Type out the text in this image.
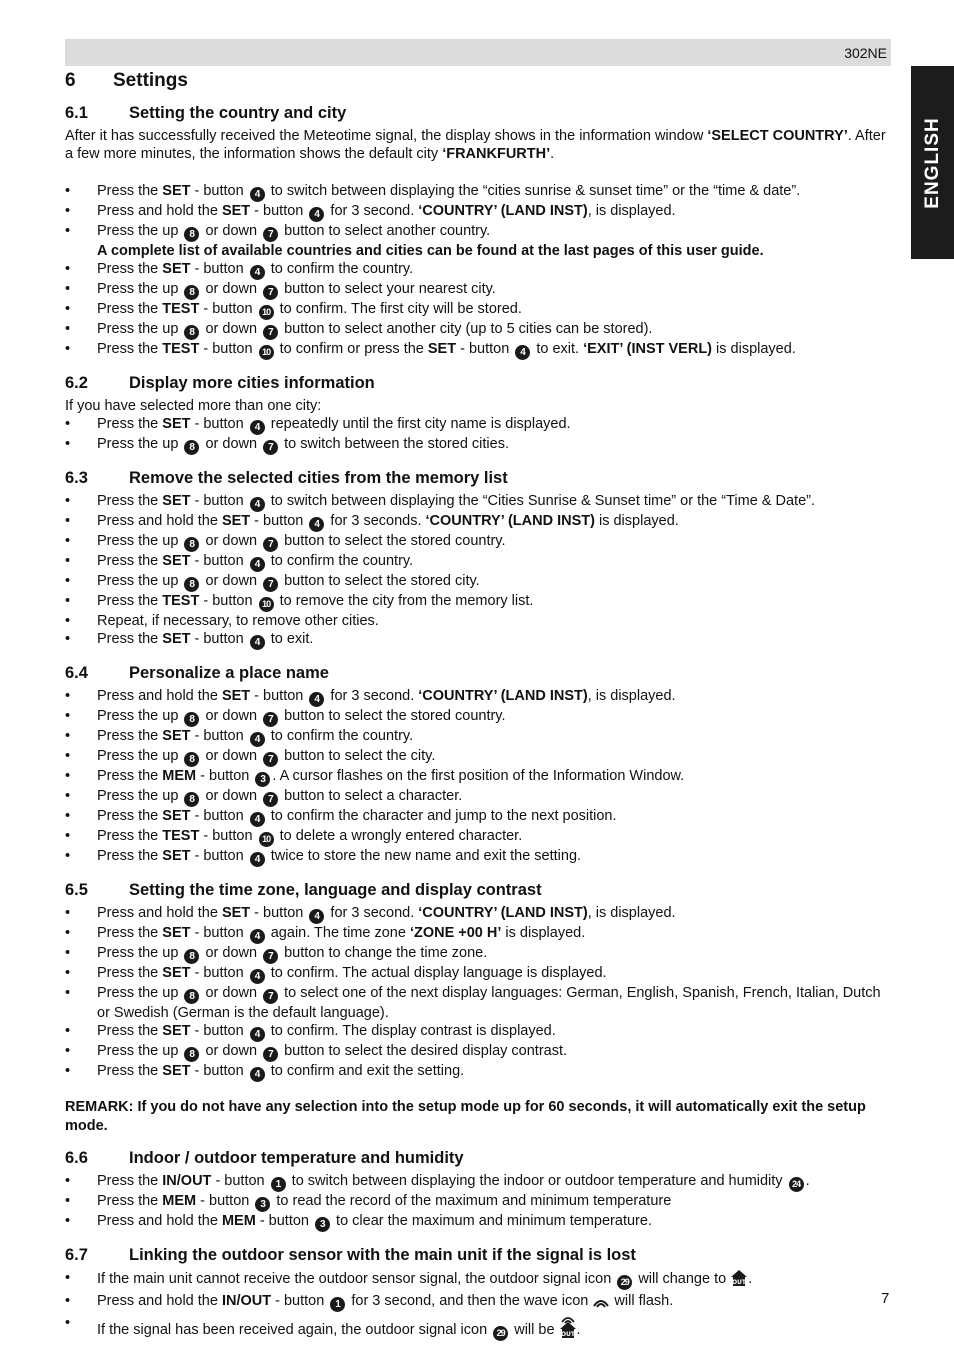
302NE
ENGLISH
6 Settings
6.1 Setting the country and city

After it has successfully received the Meteotime signal, the display shows in the information window ‘SELECT COUNTRY’. After a few more minutes, the information shows the default city ‘FRANKFURTH’.

• Press the SET - button 4 to switch between displaying the “cities sunrise & sunset time” or the “time & date”.
• Press and hold the SET - button 4 for 3 second. ‘COUNTRY’ (LAND INST), is displayed.
• Press the up 8 or down 7 button to select another country.
A complete list of available countries and cities can be found at the last pages of this user guide.
• Press the SET - button 4 to confirm the country.
• Press the up 8 or down 7 button to select your nearest city.
• Press the TEST - button 10 to confirm. The first city will be stored.
• Press the up 8 or down 7 button to select another city (up to 5 cities can be stored).
• Press the TEST - button 10 to confirm or press the SET - button 4 to exit. ‘EXIT’ (INST VERL) is displayed.
6.2 Display more cities information

If you have selected more than one city:

• Press the SET - button 4 repeatedly until the first city name is displayed.
• Press the up 8 or down 7 to switch between the stored cities.
6.3 Remove the selected cities from the memory list
• Press the SET - button 4 to switch between displaying the “Cities Sunrise & Sunset time” or the “Time & Date”.
• Press and hold the SET - button 4 for 3 seconds. ‘COUNTRY’ (LAND INST) is displayed.
• Press the up 8 or down 7 button to select the stored country.
• Press the SET - button 4 to confirm the country.
• Press the up 8 or down 7 button to select the stored city.
• Press the TEST - button 10 to remove the city from the memory list.
• Repeat, if necessary, to remove other cities.
• Press the SET - button 4 to exit.
6.4 Personalize a place name
• Press and hold the SET - button 4 for 3 second. ‘COUNTRY’ (LAND INST), is displayed.
• Press the up 8 or down 7 button to select the stored country.
• Press the SET - button 4 to confirm the country.
• Press the up 8 or down 7 button to select the city.
• Press the MEM - button 3 . A cursor flashes on the first position of the Information Window.
• Press the up 8 or down 7 button to select a character.
• Press the SET - button 4 to confirm the character and jump to the next position.
• Press the TEST - button 10 to delete a wrongly entered character.
• Press the SET - button 4 twice to store the new name and exit the setting.
6.5 Setting the time zone, language and display contrast
• Press and hold the SET - button 4 for 3 second. ‘COUNTRY’ (LAND INST), is displayed.
• Press the SET - button 4 again. The time zone ‘ZONE +00 H’ is displayed.
• Press the up 8 or down 7 button to change the time zone.
• Press the SET - button 4 to confirm. The actual display language is displayed.
• Press the up 8 or down 7 to select one of the next display languages: German, English, Spanish, French, Italian, Dutch or Swedish (German is the default language).
• Press the SET - button 4 to confirm. The display contrast is displayed.
• Press the up 8 or down 7 button to select the desired display contrast.
• Press the SET - button 4 to confirm and exit the setting.

REMARK: If you do not have any selection into the setup mode up for 60 seconds, it will automatically exit the setup mode.

6.6 Indoor / outdoor temperature and humidity
• Press the IN/OUT - button 1 to switch between displaying the indoor or outdoor temperature and humidity 24 .
• Press the MEM - button 3 to read the record of the maximum and minimum temperature
• Press and hold the MEM - button 3 to clear the maximum and minimum temperature.
6.7 Linking the outdoor sensor with the main unit if the signal is lost
• If the main unit cannot receive the outdoor sensor signal, the outdoor signal icon 29 will change to OUT .
• Press and hold the IN/OUT - button 1 for 3 second, and then the wave icon  will flash.
• If the signal has been received again, the outdoor signal icon 29 will be OUT .
7
